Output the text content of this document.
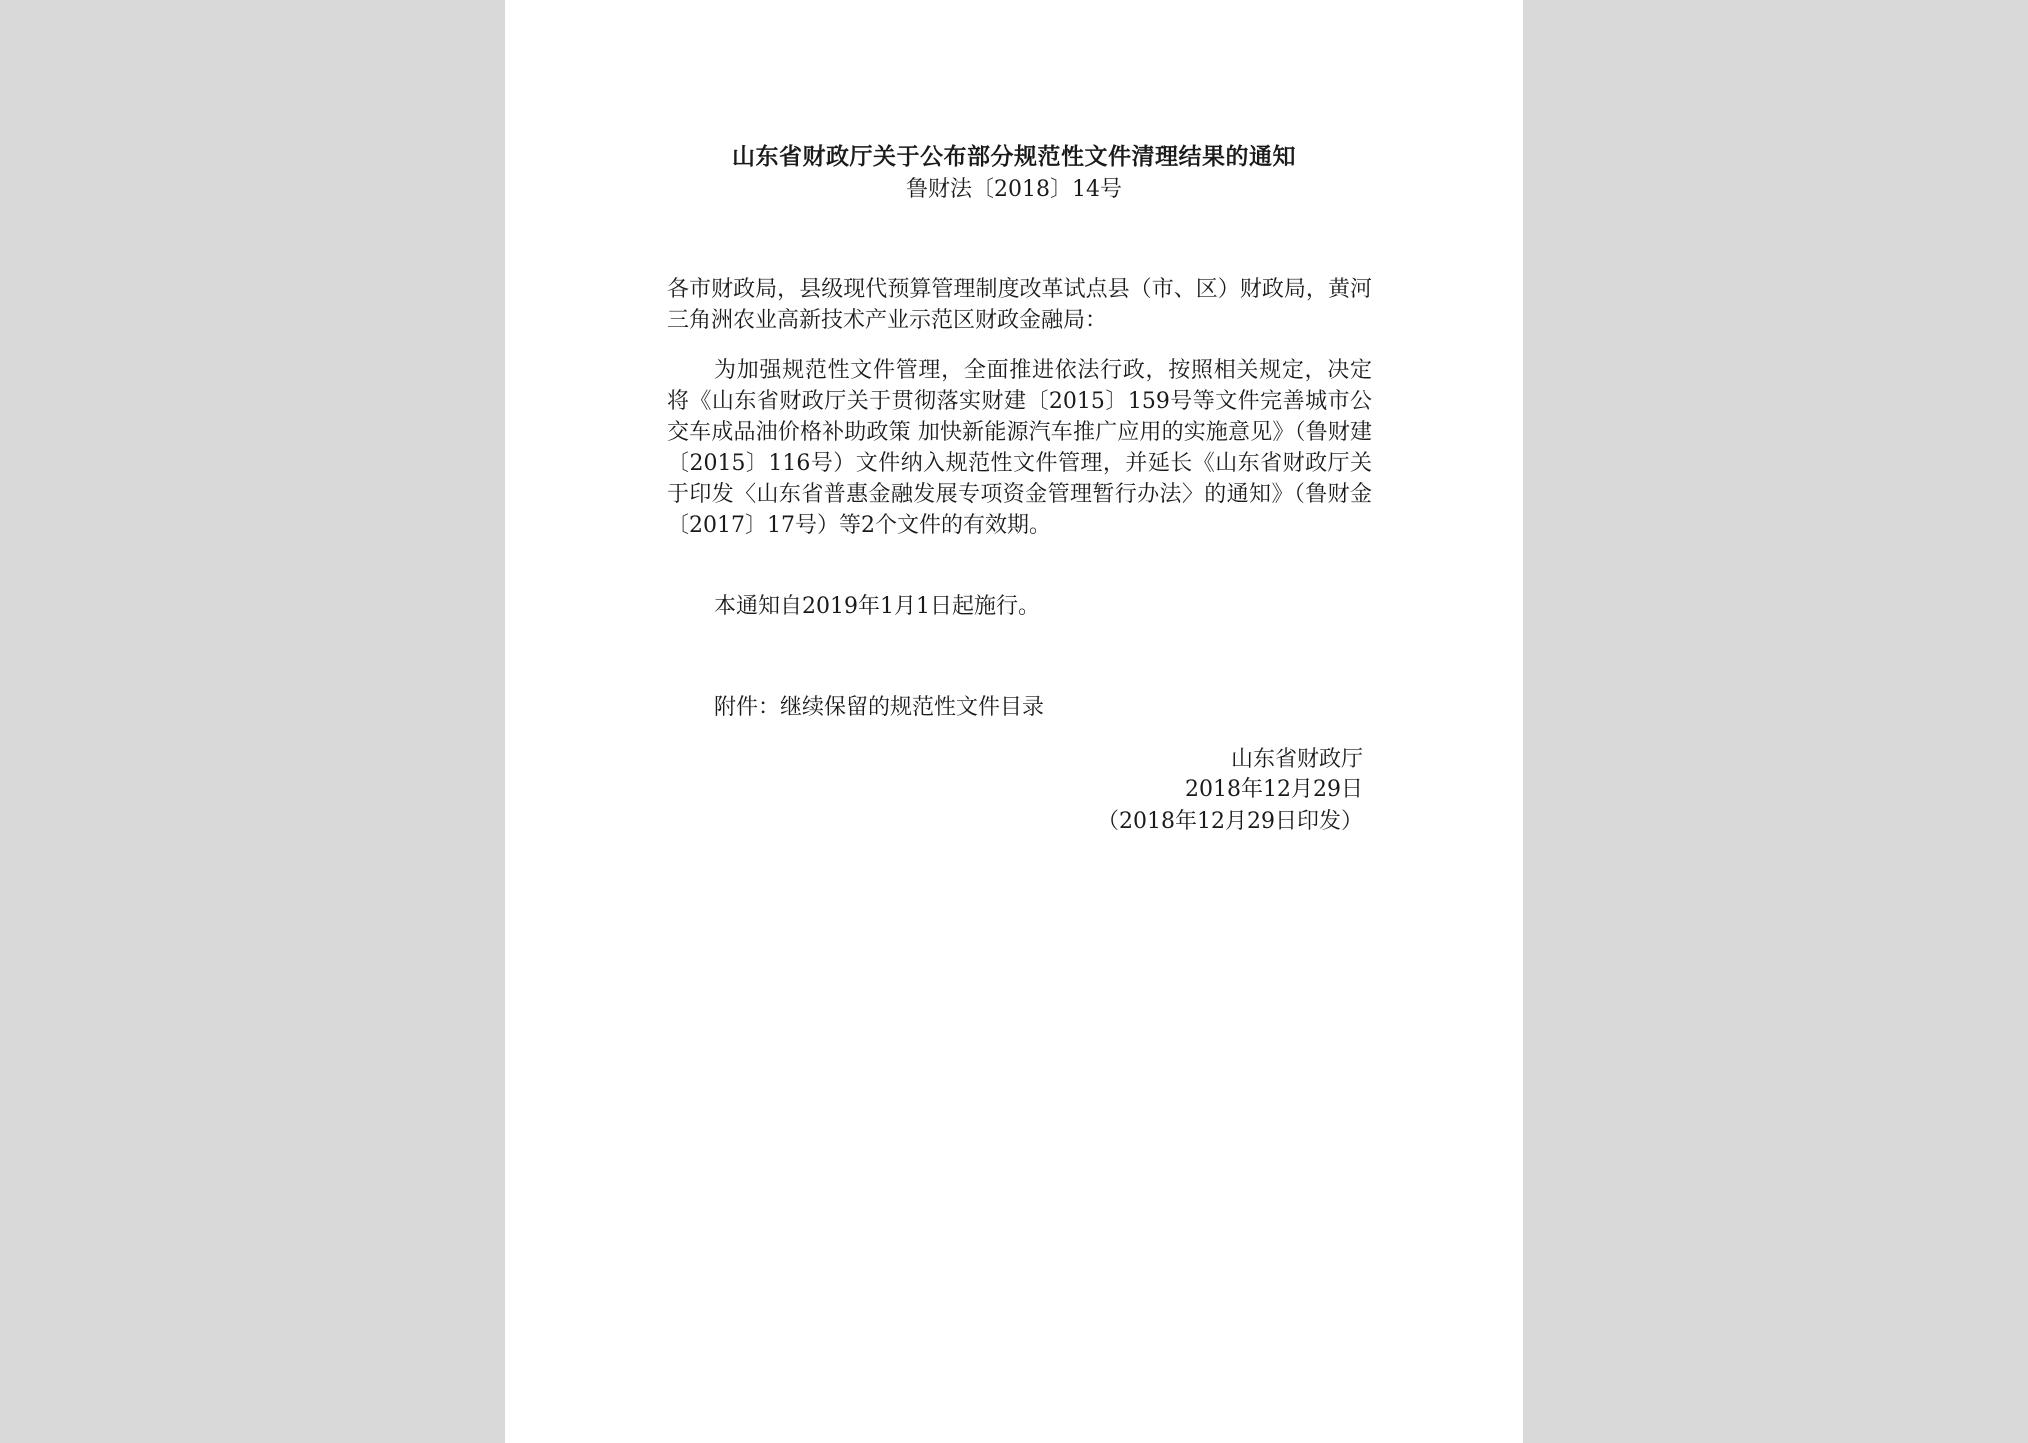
山东省财政厅关于公布部分规范性文件清理结果的通知
鲁财法〔2018〕14号
各市财政局，县级现代预算管理制度改革试点县（市、区）财政局，黄河三角洲农业高新技术产业示范区财政金融局：
为加强规范性文件管理，全面推进依法行政，按照相关规定，决定将《山东省财政厅关于贯彻落实财建〔2015〕159号等文件完善城市公交车成品油价格补助政策 加快新能源汽车推广应用的实施意见》（鲁财建〔2015〕116号）文件纳入规范性文件管理，并延长《山东省财政厅关于印发〈山东省普惠金融发展专项资金管理暂行办法〉的通知》（鲁财金〔2017〕17号）等2个文件的有效期。
本通知自2019年1月1日起施行。
附件：继续保留的规范性文件目录
山东省财政厅
2018年12月29日
（2018年12月29日印发）
